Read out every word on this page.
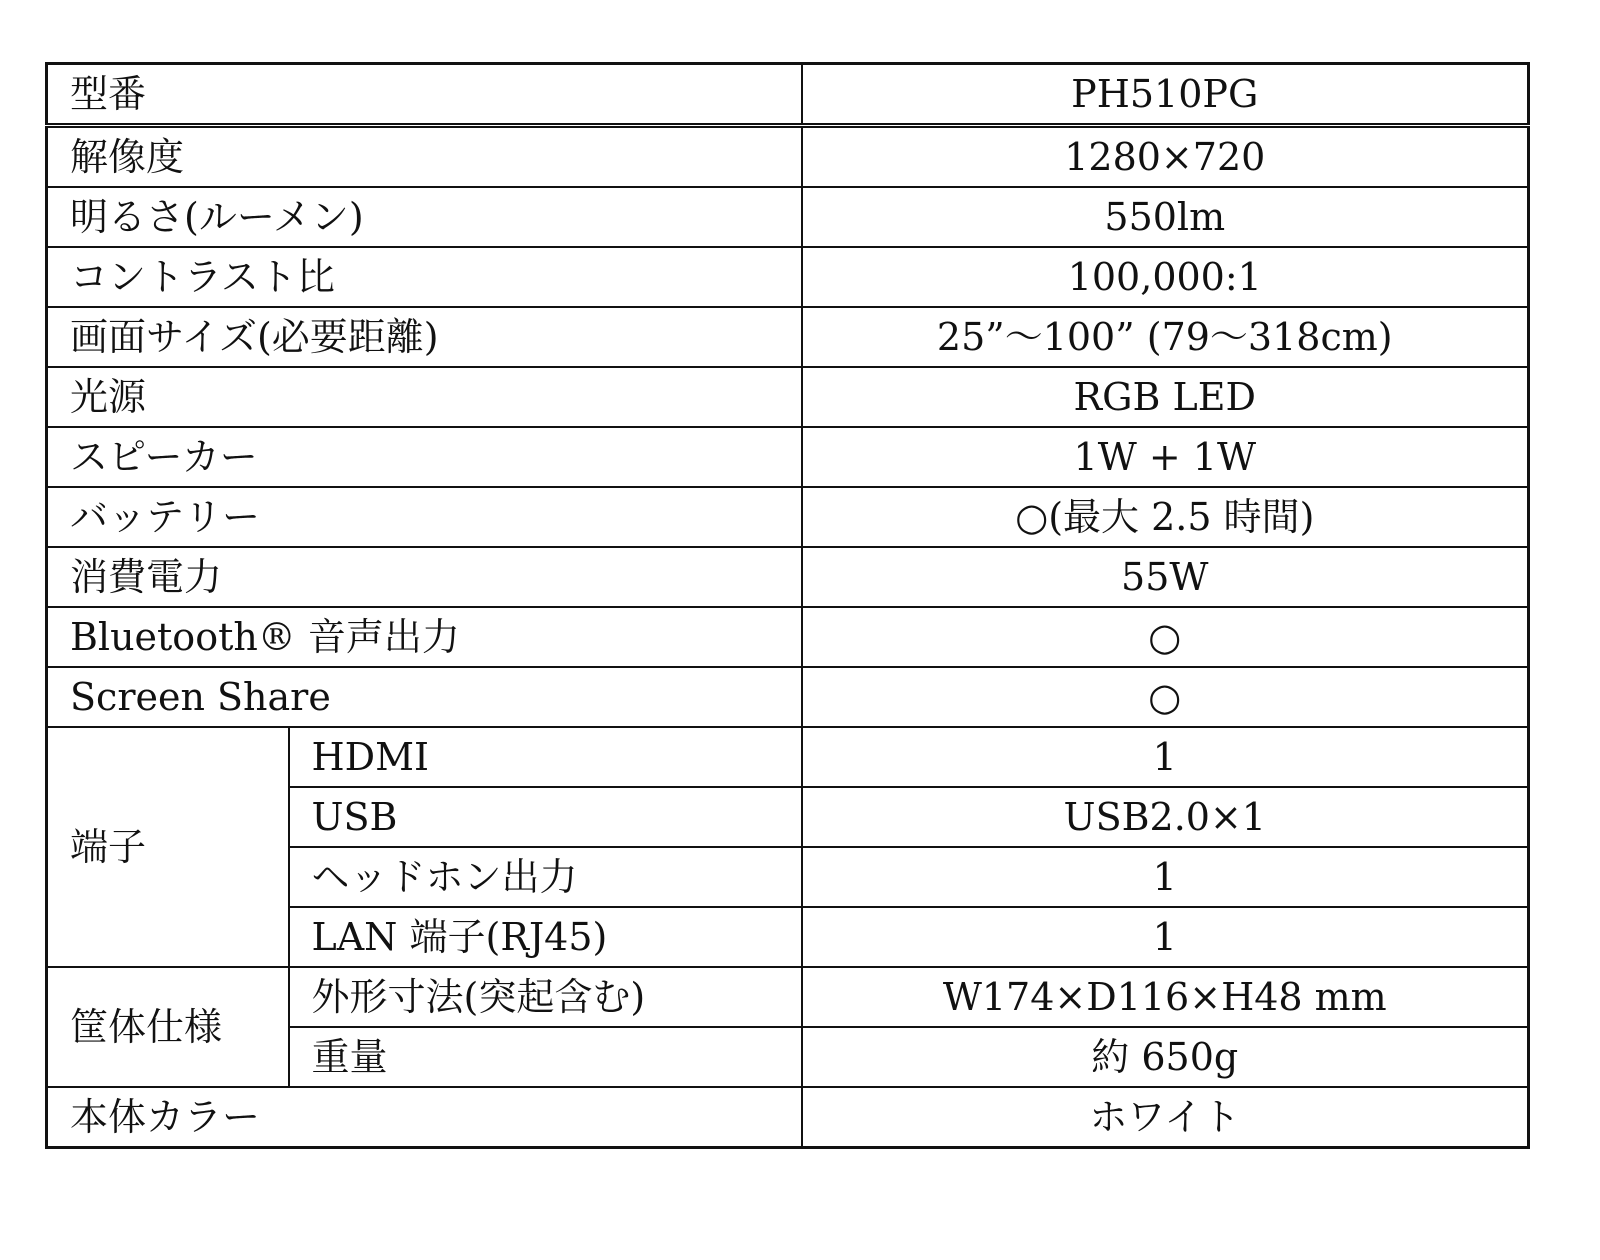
型番		PH510PG
解像度		1280×720
明るさ(ルーメン)		550lm
コントラスト比		100,000:1
画面サイズ(必要距離)		25”～100” (79～318cm)
光源		RGB LED
スピーカー		1W + 1W
バッテリー		○(最大 2.5 時間)
消費電力		55W
Bluetooth® 音声出力		○
Screen Share		○
端子	HDMI	1
	USB	USB2.0×1
	ヘッドホン出力	1
	LAN 端子(RJ45)	1
筐体仕様	外形寸法(突起含む)	W174×D116×H48 mm
	重量	約 650g
本体カラー		ホワイト
